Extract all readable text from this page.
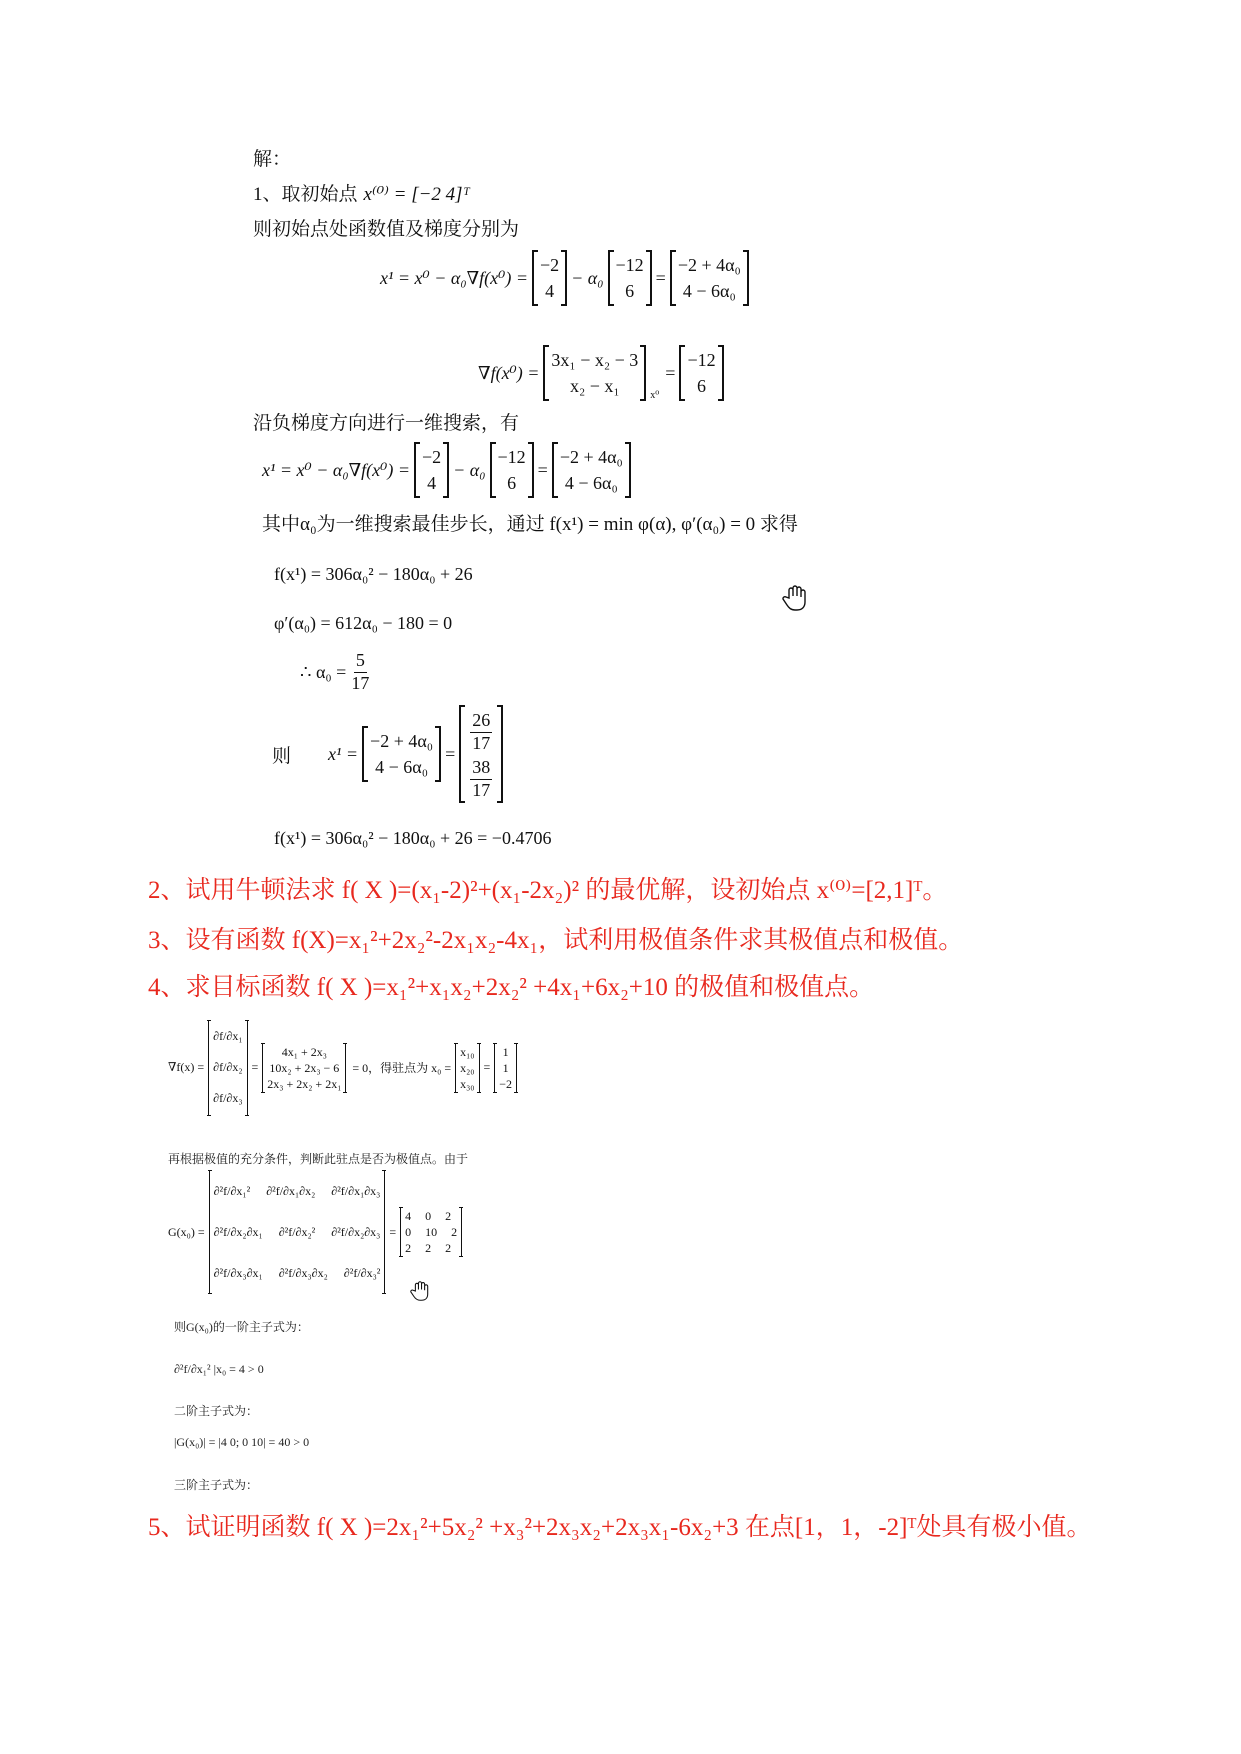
解：
1、取初始点 x⁽⁰⁾ = [−2 4]ᵀ
则初始点处函数值及梯度分别为
x¹ = x⁰ − α₀∇f(x⁰) =
−2
4
− α₀
−12
6
=
−2 + 4α₀
4 − 6α₀
∇f(x⁰) =
3x₁ − x₂ − 3
x₂ − x₁	$_{x^0}$
=
−12
6
沿负梯度方向进行一维搜索，有
x¹ = x⁰ − α₀∇f(x⁰) =
−2
4
− α₀
−12
6
=
−2 + 4α₀
4 − 6α₀
其中α₀为一维搜索最佳步长，通过 f(x¹) = min φ(α), φ′(α₀) = 0 求得
f(x¹) = 306α₀² − 180α₀ + 26
φ′(α₀) = 612α₀ − 180 = 0
∴ $\alpha_0 = \frac{5}{17}$
则 x¹ =
−2 + 4α₀
4 − 6α₀
= $\frac{26}{17}$
$\frac{38}{17}$
f(x¹) = 306α₀² − 180α₀ + 26 = −0.4706
2、试用牛顿法求 f( X )=(x₁-2)²+(x₁-2x₂)² 的最优解，设初始点 x⁽⁰⁾=[2,1]ᵀ。
3、设有函数 f(X)=x₁²+2x₂²-2x₁x₂-4x₁，试利用极值条件求其极值点和极值。
4、求目标函数 f( X )=x₁²+x₁x₂+2x₂² +4x₁+6x₂+10 的极值和极值点。
∇f(x) =
∂f/∂x₁
∂f/∂x₂
∂f/∂x₃
=
4x₁ + 2x₃
10x₂ + 2x₃ − 6
2x₃ + 2x₂ + 2x₁
= 0，得驻点为 x₀ =
x₁₀
x₂₀
x₃₀
=
1
1
−2
再根据极值的充分条件，判断此驻点是否为极值点。由于
G(x₀) =
∂²f/∂x₁² ∂²f/∂x₁∂x₂ ∂²f/∂x₁∂x₃
∂²f/∂x₂∂x₁ ∂²f/∂x₂² ∂²f/∂x₂∂x₃
∂²f/∂x₃∂x₁ ∂²f/∂x₃∂x₂ ∂²f/∂x₃²
=
4 0 2
0 10 2
2 2 2
则G(x₀)的一阶主子式为：
∂²f/∂x₁² |x₀ = 4 > 0
二阶主子式为：
|G(x₀)| = |4 0; 0 10| = 40 > 0
三阶主子式为：
5、试证明函数 f( X )=2x₁²+5x₂² +x₃²+2x₃x₂+2x₃x₁-6x₂+3 在点[1，1，-2]ᵀ处具有极小值。
